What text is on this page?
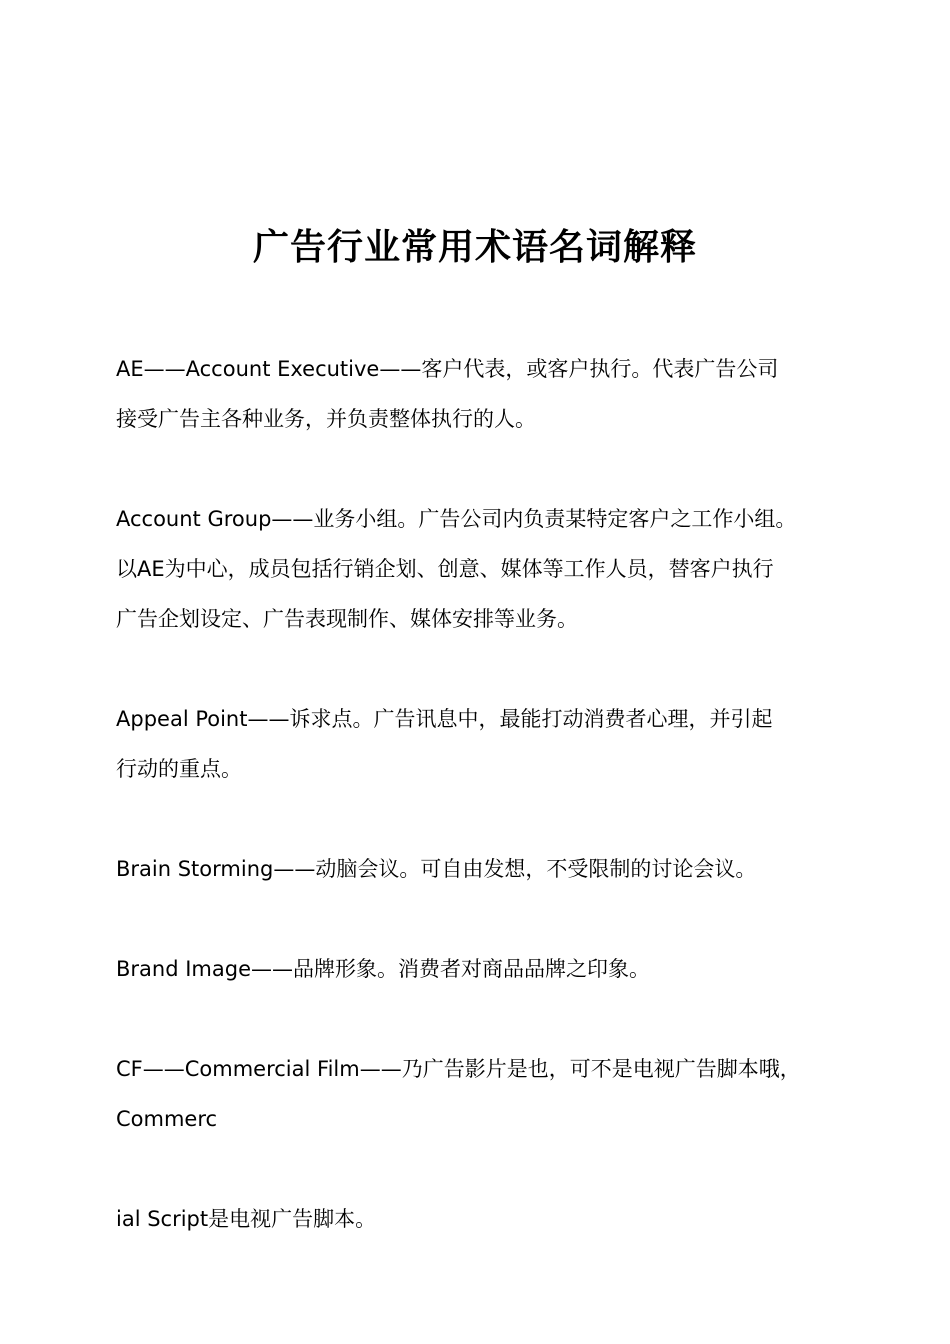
广告行业常用术语名词解释

AE——Account Executive——客户代表，或客户执行。代表广告公司

接受广告主各种业务，并负责整体执行的人。

Account Group——业务小组。广告公司内负责某特定客户之工作小组。

以AE为中心，成员包括行销企划、创意、媒体等工作人员，替客户执行

广告企划设定、广告表现制作、媒体安排等业务。

Appeal Point——诉求点。广告讯息中，最能打动消费者心理，并引起

行动的重点。

Brain Storming——动脑会议。可自由发想，不受限制的讨论会议。

Brand Image——品牌形象。消费者对商品品牌之印象。

CF——Commercial Film——乃广告影片是也，可不是电视广告脚本哦，

Commerc

ial Script是电视广告脚本。
